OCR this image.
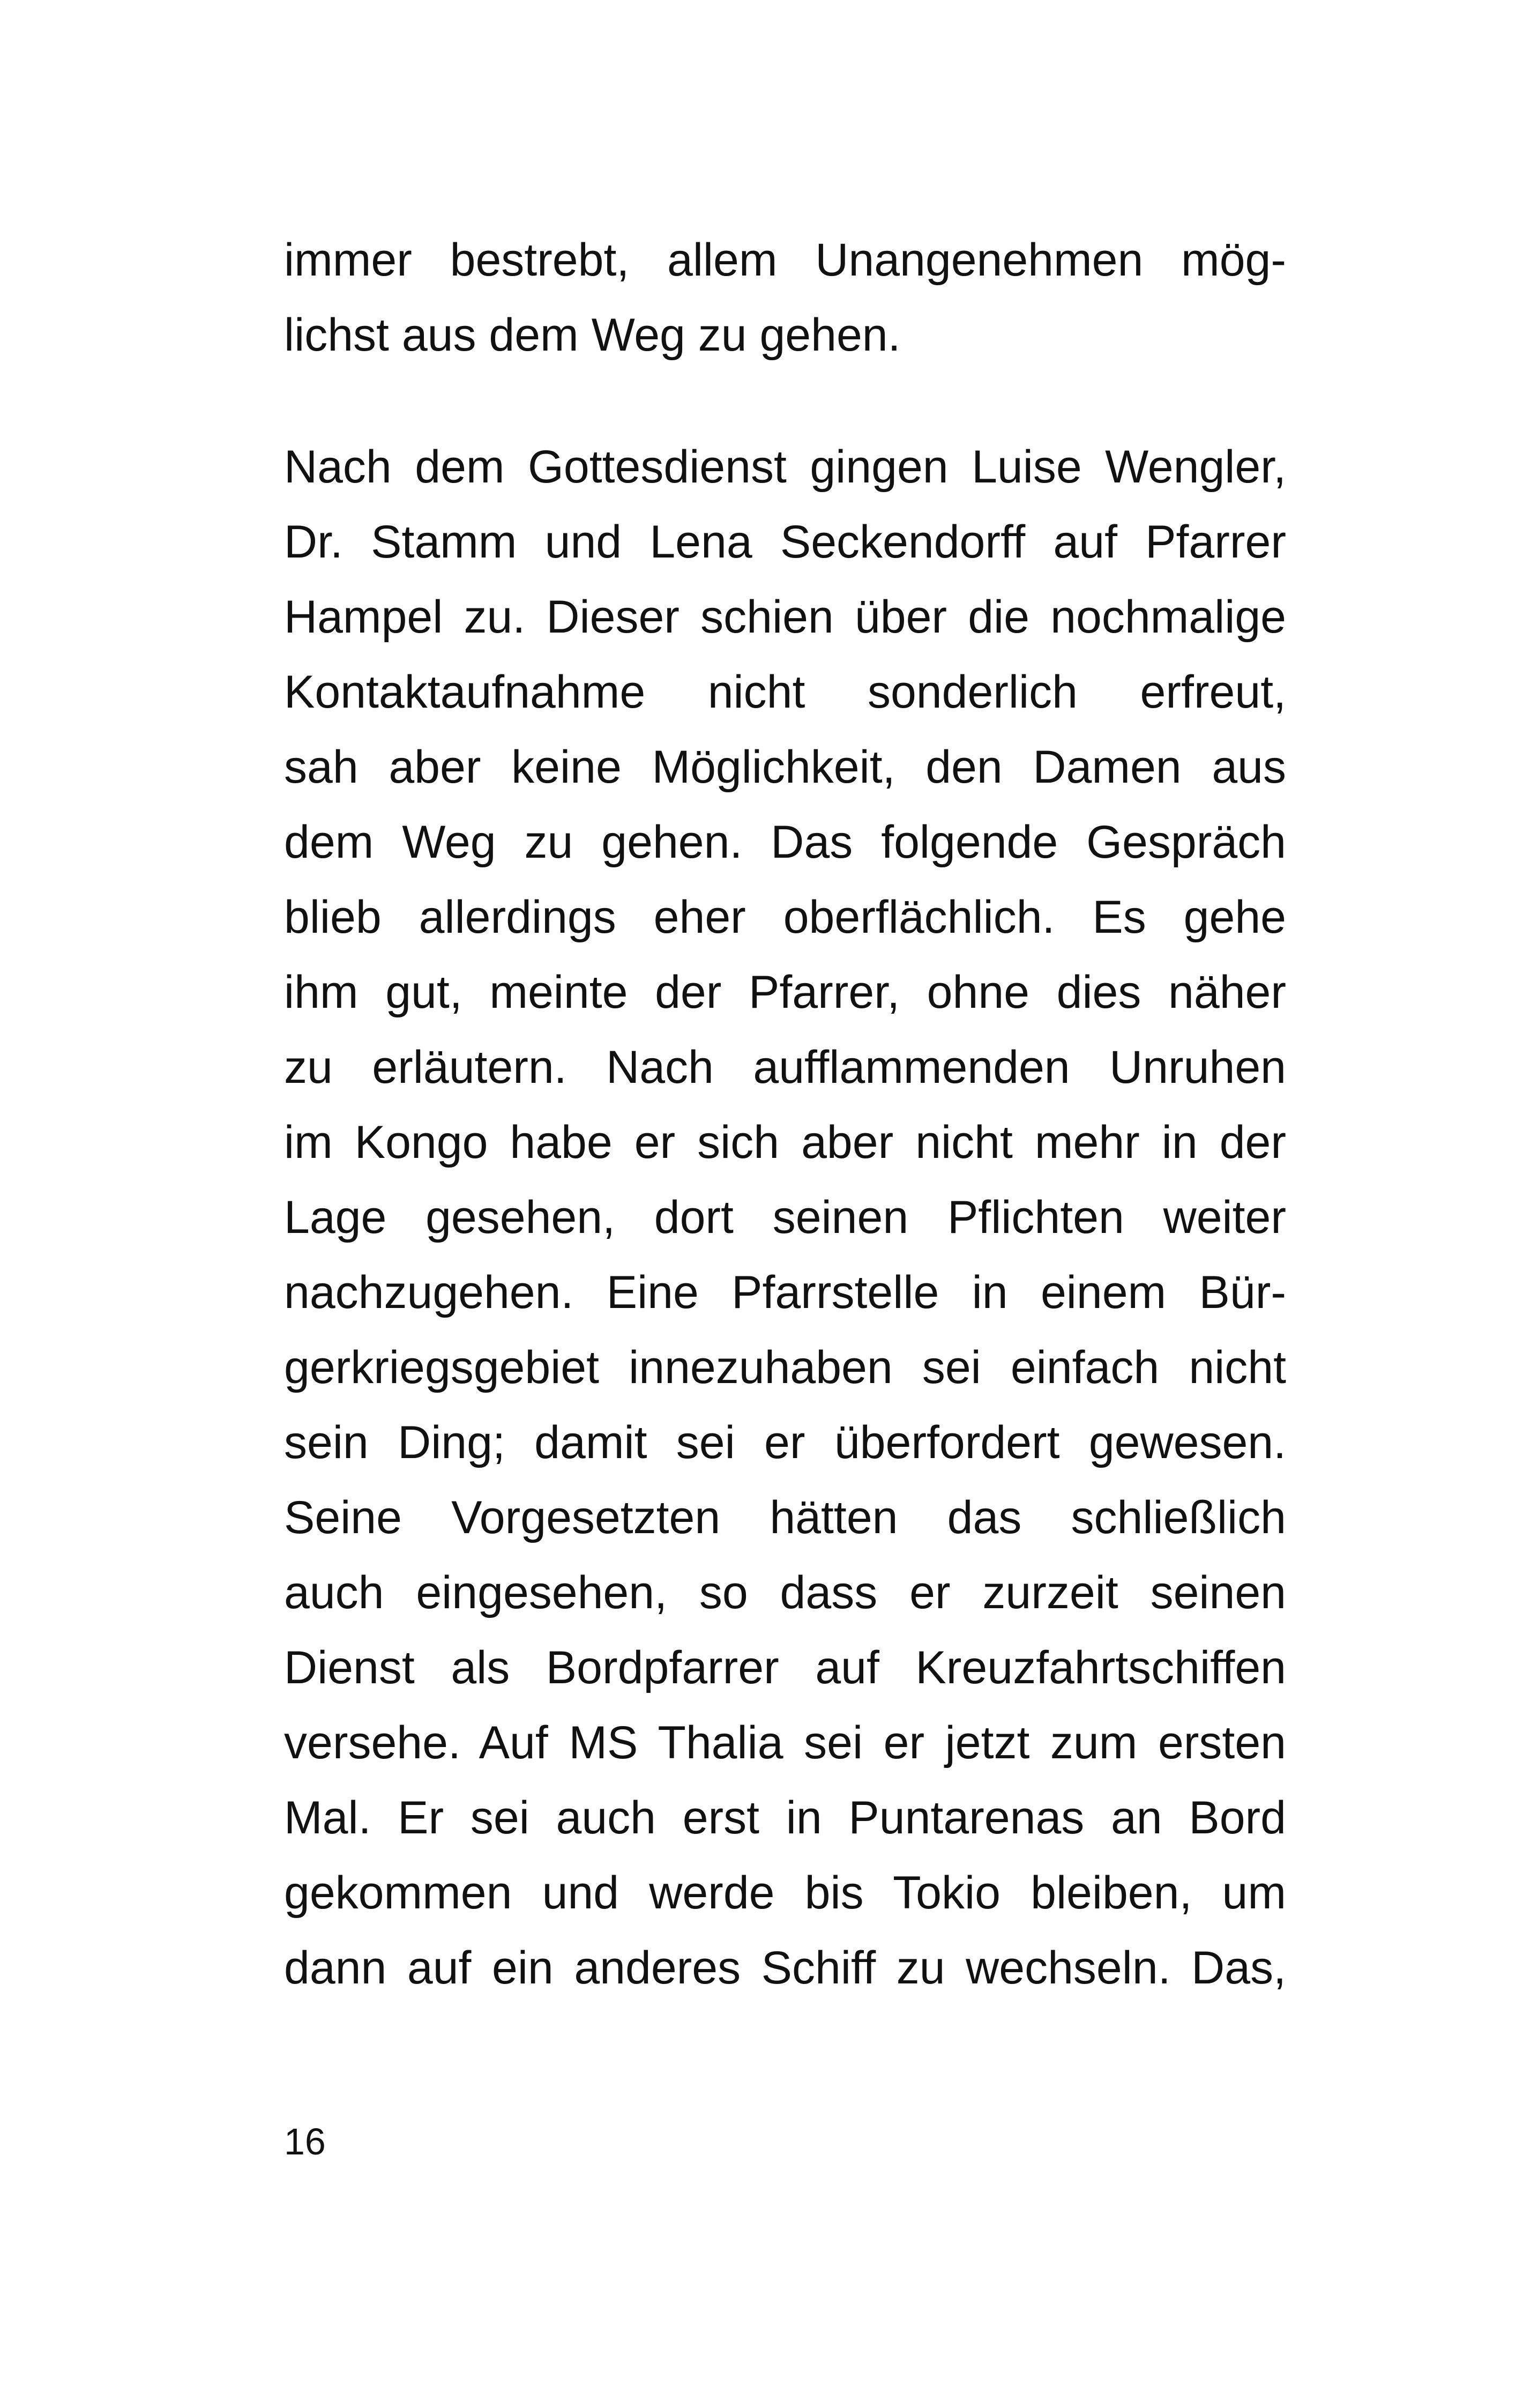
immer bestrebt, allem Unangenehmen mög-
lichst aus dem Weg zu gehen.
Nach dem Gottesdienst gingen Luise Wengler,
Dr. Stamm und Lena Seckendorff auf Pfarrer
Hampel zu. Dieser schien über die nochmalige
Kontaktaufnahme nicht sonderlich erfreut,
sah aber keine Möglichkeit, den Damen aus
dem Weg zu gehen. Das folgende Gespräch
blieb allerdings eher oberflächlich. Es gehe
ihm gut, meinte der Pfarrer, ohne dies näher
zu erläutern. Nach aufflammenden Unruhen
im Kongo habe er sich aber nicht mehr in der
Lage gesehen, dort seinen Pflichten weiter
nachzugehen. Eine Pfarrstelle in einem Bür-
gerkriegsgebiet innezuhaben sei einfach nicht
sein Ding; damit sei er überfordert gewesen.
Seine Vorgesetzten hätten das schließlich
auch eingesehen, so dass er zurzeit seinen
Dienst als Bordpfarrer auf Kreuzfahrtschiffen
versehe. Auf MS Thalia sei er jetzt zum ersten
Mal. Er sei auch erst in Puntarenas an Bord
gekommen und werde bis Tokio bleiben, um
dann auf ein anderes Schiff zu wechseln. Das,
16
